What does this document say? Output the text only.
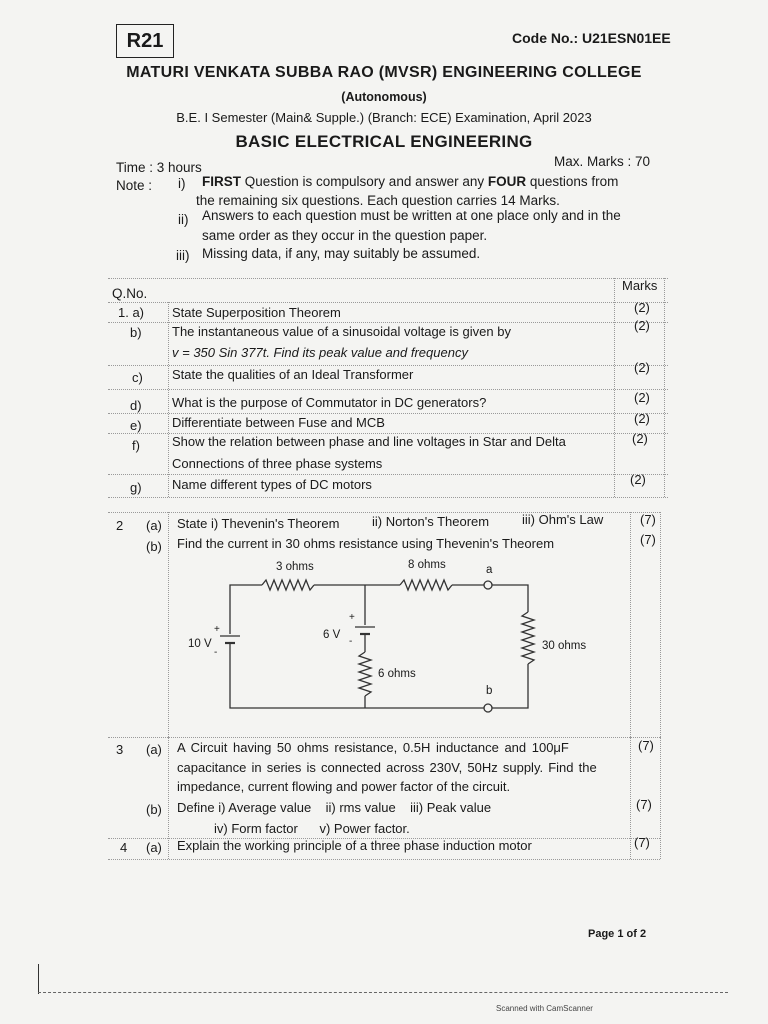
R21	Code No.: U21ESN01EE
MATURI VENKATA SUBBA RAO (MVSR) ENGINEERING COLLEGE
(Autonomous)
B.E. I Semester (Main& Supple.) (Branch: ECE) Examination, April 2023
BASIC ELECTRICAL ENGINEERING
Time : 3 hours	Max. Marks : 70
Note : i) FIRST Question is compulsory and answer any FOUR questions from
the remaining six questions. Each question carries 14 Marks.
ii) Answers to each question must be written at one place only and in the
same order as they occur in the question paper.
iii) Missing data, if any, may suitably be assumed.
Q.No.
Marks
1. a) State Superposition Theorem	(2)
b) The instantaneous value of a sinusoidal voltage is given by
v = 350 Sin 377t. Find its peak value and frequency
(2)
c) State the qualities of an Ideal Transformer	(2)
d) What is the purpose of Commutator in DC generators?	(2)
e) Differentiate between Fuse and MCB	(2)
f) Show the relation between phase and line voltages in Star and Delta
Connections of three phase systems
(2)
g) Name different types of DC motors	(2)
2 (a) State i) Thevenin's Theorem	ii) Norton's Theorem	iii) Ohm's Law	(7)
(b) Find the current in 30 ohms resistance using Thevenin's Theorem	(7)
3 ohms	8 ohms	a
b
10 V
+
-
6 V
+
-
6 ohms
30 ohms
3 (a) A Circuit having 50 ohms resistance, 0.5H inductance and 100μF
capacitance in series is connected across 230V, 50Hz supply. Find the
impedance, current flowing and power factor of the circuit.
(7)
(b) Define i) Average value    ii) rms value    iii) Peak value
iv) Form factor      v) Power factor.
(7)
4 (a) Explain the working principle of a three phase induction motor	(7)
Page 1 of 2
Scanned with CamScanner
